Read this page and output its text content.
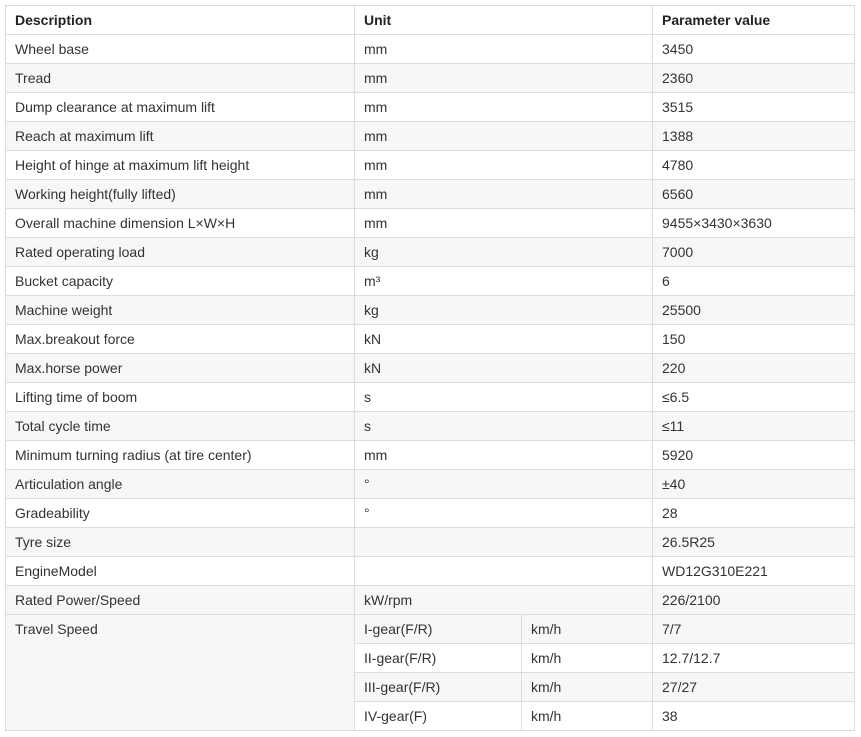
Description	Unit		Parameter value
Wheel base	mm		3450
Tread	mm		2360
Dump clearance at maximum lift	mm		3515
Reach at maximum lift	mm		1388
Height of hinge at maximum lift height	mm		4780
Working height(fully lifted)	mm		6560
Overall machine dimension L×W×H	mm		9455×3430×3630
Rated operating load	kg		7000
Bucket capacity	m³		6
Machine weight	kg		25500
Max.breakout force	kN		150
Max.horse power	kN		220
Lifting time of boom	s		≤6.5
Total cycle time	s		≤11
Minimum turning radius (at tire center)	mm		5920
Articulation angle	°		±40
Gradeability	°		28
Tyre size			26.5R25
EngineModel			WD12G310E221
Rated Power/Speed	kW/rpm		226/2100
Travel Speed	I-gear(F/R)	km/h	7/7
	II-gear(F/R)	km/h	12.7/12.7
	III-gear(F/R)	km/h	27/27
	IV-gear(F)	km/h	38
